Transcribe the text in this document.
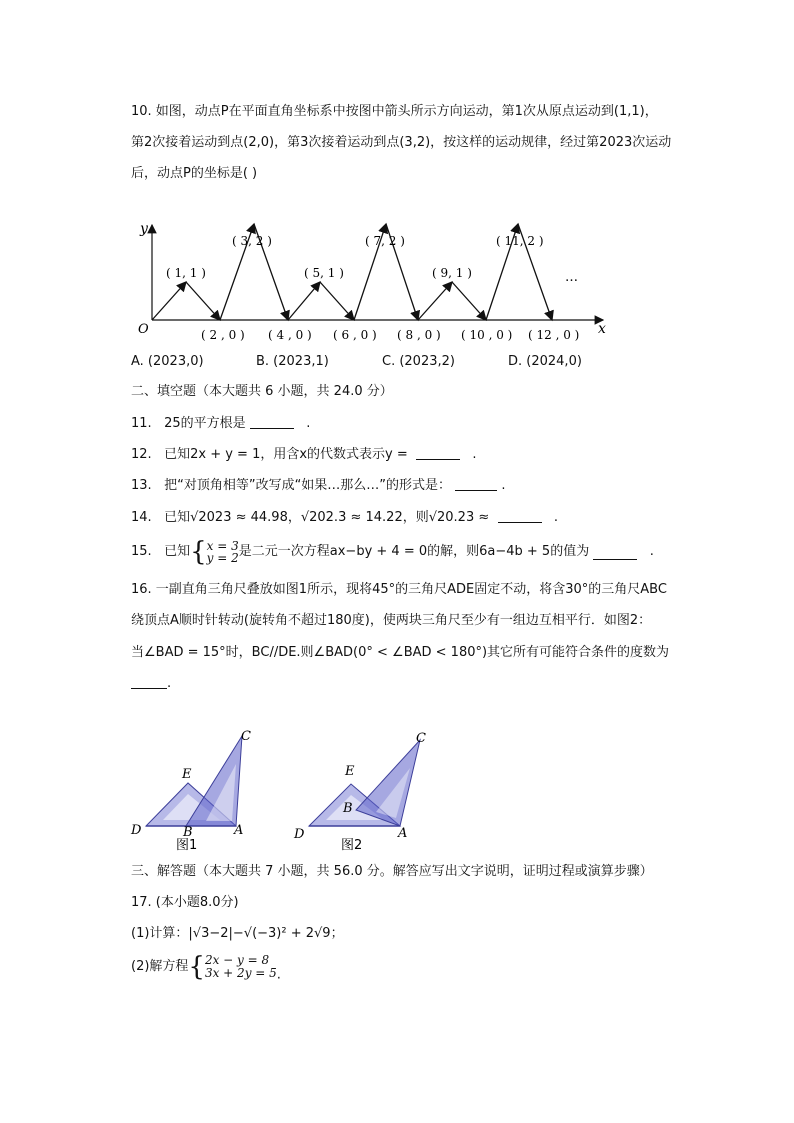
10. 如图，动点P在平面直角坐标系中按图中箭头所示方向运动，第1次从原点运动到(1,1)，
第2次接着运动到点(2,0)，第3次接着运动到点(3,2)，按这样的运动规律，经过第2023次运动
后，动点P的坐标是( )
y
x
O
( 1, 1 )
( 3, 2 )
( 5, 1 )
( 7, 2 )
( 9, 1 )
( 11, 2 )
…
( 2 , 0 ) ( 4 , 0 ) ( 6 , 0 ) ( 8 , 0 ) ( 10 , 0 ) ( 12 , 0 )
A. (2023,0)	B. (2023,1)	C. (2023,2)	D. (2024,0)
二、填空题（本大题共 6 小题，共 24.0 分）
11. 25的平方根是	.
12. 已知2x + y = 1，用含x的代数式表示y =	.
13. 把“对顶角相等”改写成“如果…那么…”的形式是：	.
14. 已知√2023 ≈ 44.98，√202.3 ≈ 14.22，则√20.23 ≈	.
15. 已知{x = 3
y = 2是二元一次方程ax−by + 4 = 0的解，则6a−4b + 5的值为	.
16. 一副直角三角尺叠放如图1所示，现将45°的三角尺ADE固定不动，将含30°的三角尺ABC
绕顶点A顺时针转动(旋转角不超过180度)，使两块三角尺至少有一组边互相平行．如图2：
当∠BAD = 15°时，BC//DE.则∠BAD(0° < ∠BAD < 180°)其它所有可能符合条件的度数为
.
C
E
D	B	A
图1
C
E
D
B
A
图2
三、解答题（本大题共 7 小题，共 56.0 分。解答应写出文字说明，证明过程或演算步骤）
17. (本小题8.0分)
(1)计算：|√3−2|−√(−3)² + 2√9；
(2)解方程{2x − y = 8
3x + 2y = 5.
